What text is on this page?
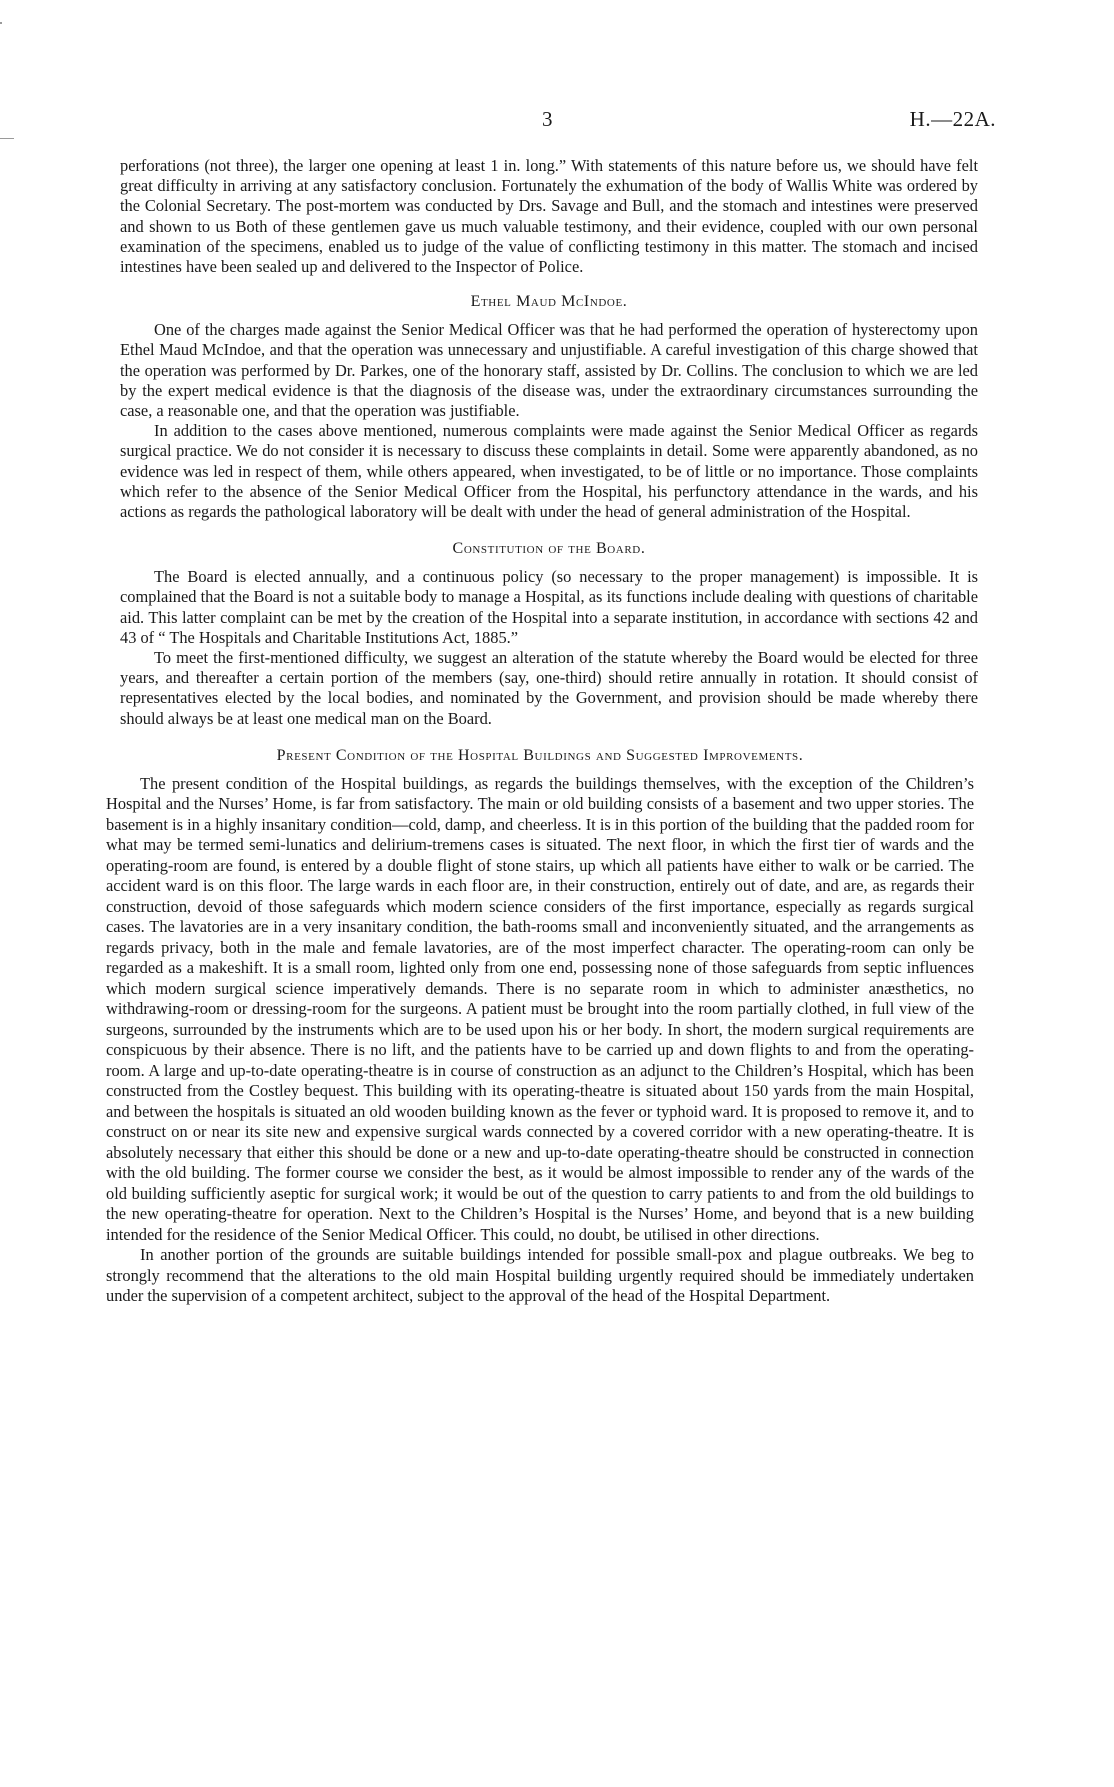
3	H.—22A.

perforations (not three), the larger one opening at least 1 in. long.” With statements of this nature before us, we should have felt great difficulty in arriving at any satisfactory conclusion. Fortunately the exhumation of the body of Wallis White was ordered by the Colonial Secretary. The post-mortem was conducted by Drs. Savage and Bull, and the stomach and intestines were preserved and shown to us Both of these gentlemen gave us much valuable testimony, and their evidence, coupled with our own personal examination of the specimens, enabled us to judge of the value of conflicting testimony in this matter. The stomach and incised intestines have been sealed up and delivered to the Inspector of Police.

Ethel Maud McIndoe.

One of the charges made against the Senior Medical Officer was that he had performed the operation of hysterectomy upon Ethel Maud McIndoe, and that the operation was unnecessary and unjustifiable. A careful investigation of this charge showed that the operation was performed by Dr. Parkes, one of the honorary staff, assisted by Dr. Collins. The conclusion to which we are led by the expert medical evidence is that the diagnosis of the disease was, under the extraordinary circumstances surrounding the case, a reasonable one, and that the operation was justifiable.

In addition to the cases above mentioned, numerous complaints were made against the Senior Medical Officer as regards surgical practice. We do not consider it is necessary to discuss these complaints in detail. Some were apparently abandoned, as no evidence was led in respect of them, while others appeared, when investigated, to be of little or no importance. Those complaints which refer to the absence of the Senior Medical Officer from the Hospital, his perfunctory attendance in the wards, and his actions as regards the pathological laboratory will be dealt with under the head of general administration of the Hospital.

Constitution of the Board.

The Board is elected annually, and a continuous policy (so necessary to the proper management) is impossible. It is complained that the Board is not a suitable body to manage a Hospital, as its functions include dealing with questions of charitable aid. This latter complaint can be met by the creation of the Hospital into a separate institution, in accordance with sections 42 and 43 of “ The Hospitals and Charitable Institutions Act, 1885.”

To meet the first-mentioned difficulty, we suggest an alteration of the statute whereby the Board would be elected for three years, and thereafter a certain portion of the members (say, one-third) should retire annually in rotation. It should consist of representatives elected by the local bodies, and nominated by the Government, and provision should be made whereby there should always be at least one medical man on the Board.

Present Condition of the Hospital Buildings and Suggested Improvements.

The present condition of the Hospital buildings, as regards the buildings themselves, with the exception of the Children’s Hospital and the Nurses’ Home, is far from satisfactory. The main or old building consists of a basement and two upper stories. The basement is in a highly insanitary condition—cold, damp, and cheerless. It is in this portion of the building that the padded room for what may be termed semi-lunatics and delirium-tremens cases is situated. The next floor, in which the first tier of wards and the operating-room are found, is entered by a double flight of stone stairs, up which all patients have either to walk or be carried. The accident ward is on this floor. The large wards in each floor are, in their construction, entirely out of date, and are, as regards their construction, devoid of those safeguards which modern science considers of the first importance, especially as regards surgical cases. The lavatories are in a very insanitary condition, the bath-rooms small and inconveniently situated, and the arrangements as regards privacy, both in the male and female lavatories, are of the most imperfect character. The operating-room can only be regarded as a makeshift. It is a small room, lighted only from one end, possessing none of those safeguards from septic influences which modern surgical science imperatively demands. There is no separate room in which to administer anæsthetics, no withdrawing-room or dressing-room for the surgeons. A patient must be brought into the room partially clothed, in full view of the surgeons, surrounded by the instruments which are to be used upon his or her body. In short, the modern surgical requirements are conspicuous by their absence. There is no lift, and the patients have to be carried up and down flights to and from the operating-room. A large and up-to-date operating-theatre is in course of construction as an adjunct to the Children’s Hospital, which has been constructed from the Costley bequest. This building with its operating-theatre is situated about 150 yards from the main Hospital, and between the hospitals is situated an old wooden building known as the fever or typhoid ward. It is proposed to remove it, and to construct on or near its site new and expensive surgical wards connected by a covered corridor with a new operating-theatre. It is absolutely necessary that either this should be done or a new and up-to-date operating-theatre should be constructed in connection with the old building. The former course we consider the best, as it would be almost impossible to render any of the wards of the old building sufficiently aseptic for surgical work; it would be out of the question to carry patients to and from the old buildings to the new operating-theatre for operation. Next to the Children’s Hospital is the Nurses’ Home, and beyond that is a new building intended for the residence of the Senior Medical Officer. This could, no doubt, be utilised in other directions.

In another portion of the grounds are suitable buildings intended for possible small-pox and plague outbreaks. We beg to strongly recommend that the alterations to the old main Hospital building urgently required should be immediately undertaken under the supervision of a competent architect, subject to the approval of the head of the Hospital Department.
